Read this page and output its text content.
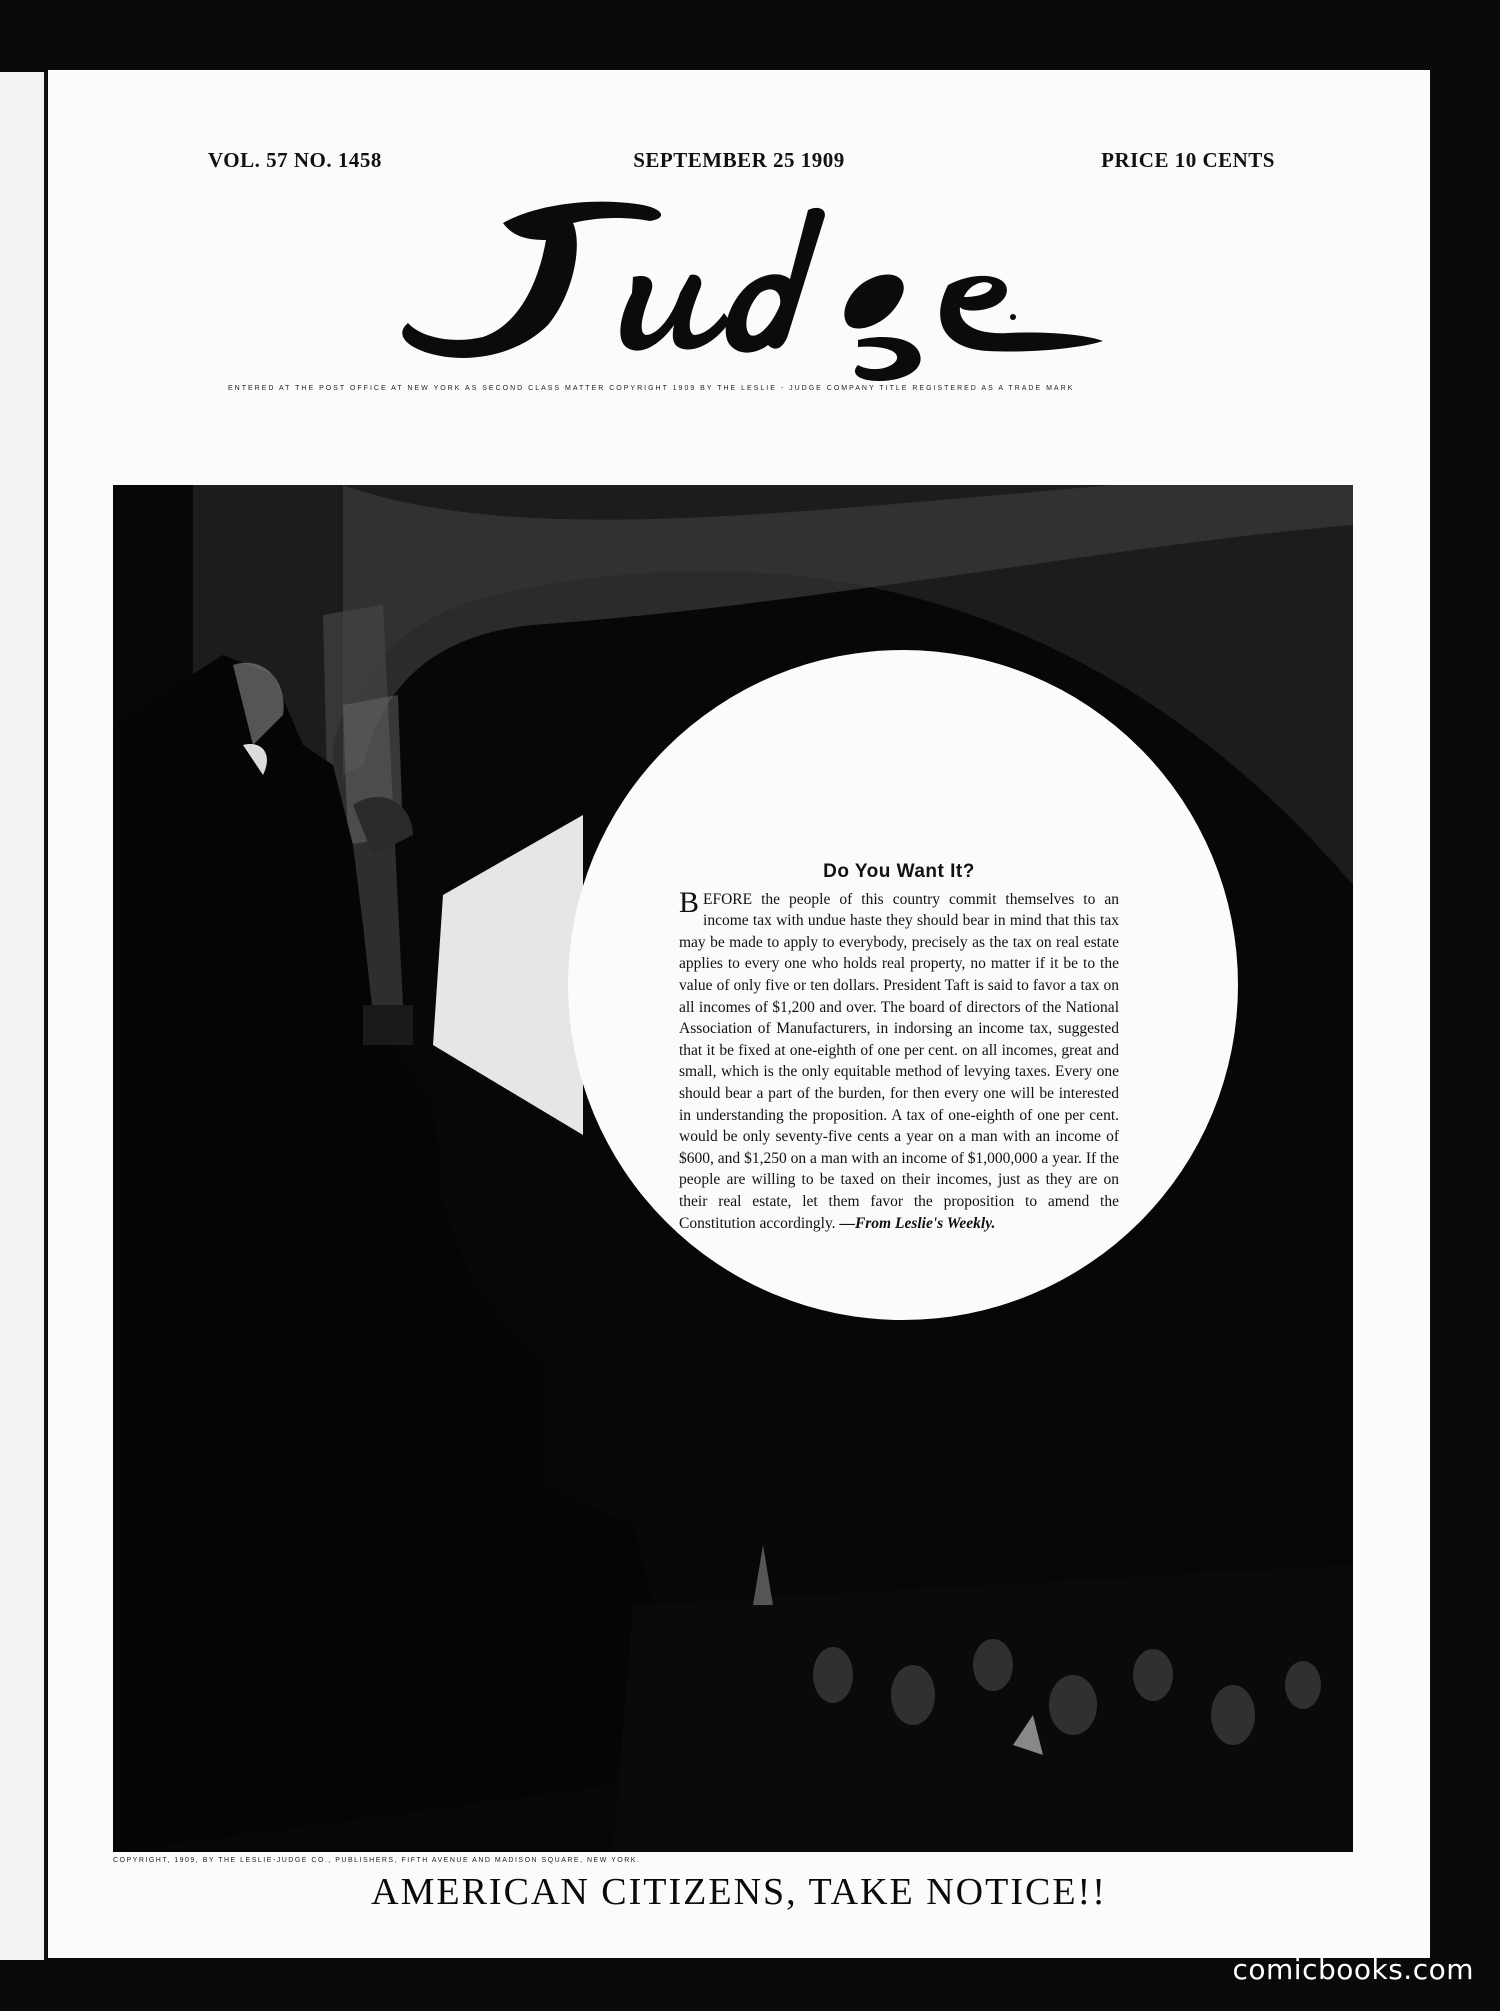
VOL. 57 NO. 1458	SEPTEMBER 25 1909	PRICE 10 CENTS
ENTERED AT THE POST OFFICE AT NEW YORK AS SECOND CLASS MATTER COPYRIGHT 1909 BY THE LESLIE - JUDGE COMPANY TITLE REGISTERED AS A TRADE MARK

Do You Want It?

BEFORE the people of this country commit themselves to an income tax with undue haste they should bear in mind that this tax may be made to apply to everybody, precisely as the tax on real estate applies to every one who holds real property, no matter if it be to the value of only five or ten dollars. President Taft is said to favor a tax on all incomes of $1,200 and over. The board of directors of the National Association of Manufacturers, in indorsing an income tax, suggested that it be fixed at one-eighth of one per cent. on all incomes, great and small, which is the only equitable method of levying taxes. Every one should bear a part of the burden, for then every one will be interested in understanding the proposition. A tax of one-eighth of one per cent. would be only seventy-five cents a year on a man with an income of $600, and $1,250 on a man with an income of $1,000,000 a year. If the people are willing to be taxed on their incomes, just as they are on their real estate, let them favor the proposition to amend the Constitution accordingly. —From Leslie's Weekly.

COPYRIGHT, 1909, BY THE LESLIE-JUDGE CO., PUBLISHERS, FIFTH AVENUE AND MADISON SQUARE, NEW YORK.
AMERICAN CITIZENS, TAKE NOTICE!!
comicbooks.com
